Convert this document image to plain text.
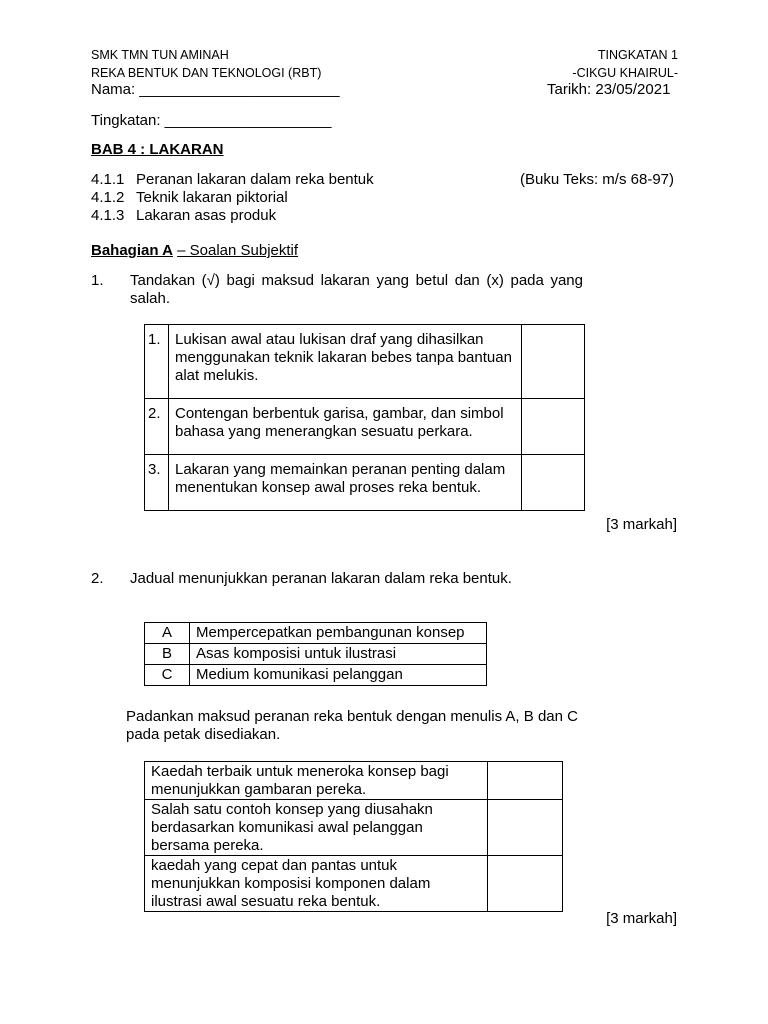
SMK TMN TUN AMINAH
REKA BENTUK DAN TEKNOLOGI (RBT)
TINGKATAN 1
-CIKGU KHAIRUL-
Nama: ________________________	Tarikh: 23/05/2021
Tingkatan: ____________________
BAB 4 : LAKARAN
4.1.1 Peranan lakaran dalam reka bentuk
4.1.2 Teknik lakaran piktorial
4.1.3 Lakaran asas produk
(Buku Teks: m/s 68-97)
Bahagian A – Soalan Subjektif
1. Tandakan (√) bagi maksud lakaran yang betul dan (x) pada yang
salah.
1.	Lukisan awal atau lukisan draf yang dihasilkan
menggunakan teknik lakaran bebes tanpa bantuan
alat melukis.	

2.	Contengan berbentuk garisa, gambar, dan simbol
bahasa yang menerangkan sesuatu perkara.	

3.	Lakaran yang memainkan peranan penting dalam
menentukan konsep awal proses reka bentuk.	

[3 markah]
2. Jadual menunjukkan peranan lakaran dalam reka bentuk.
A	Mempercepatkan pembangunan konsep
B	Asas komposisi untuk ilustrasi
C	Medium komunikasi pelanggan
Padankan maksud peranan reka bentuk dengan menulis A, B dan C
pada petak disediakan.
Kaedah terbaik untuk meneroka konsep bagi
menunjukkan gambaran pereka.	

Salah satu contoh konsep yang diusahakn
berdasarkan komunikasi awal pelanggan
bersama pereka.	

kaedah yang cepat dan pantas untuk
menunjukkan komposisi komponen dalam
ilustrasi awal sesuatu reka bentuk.	

[3 markah]
